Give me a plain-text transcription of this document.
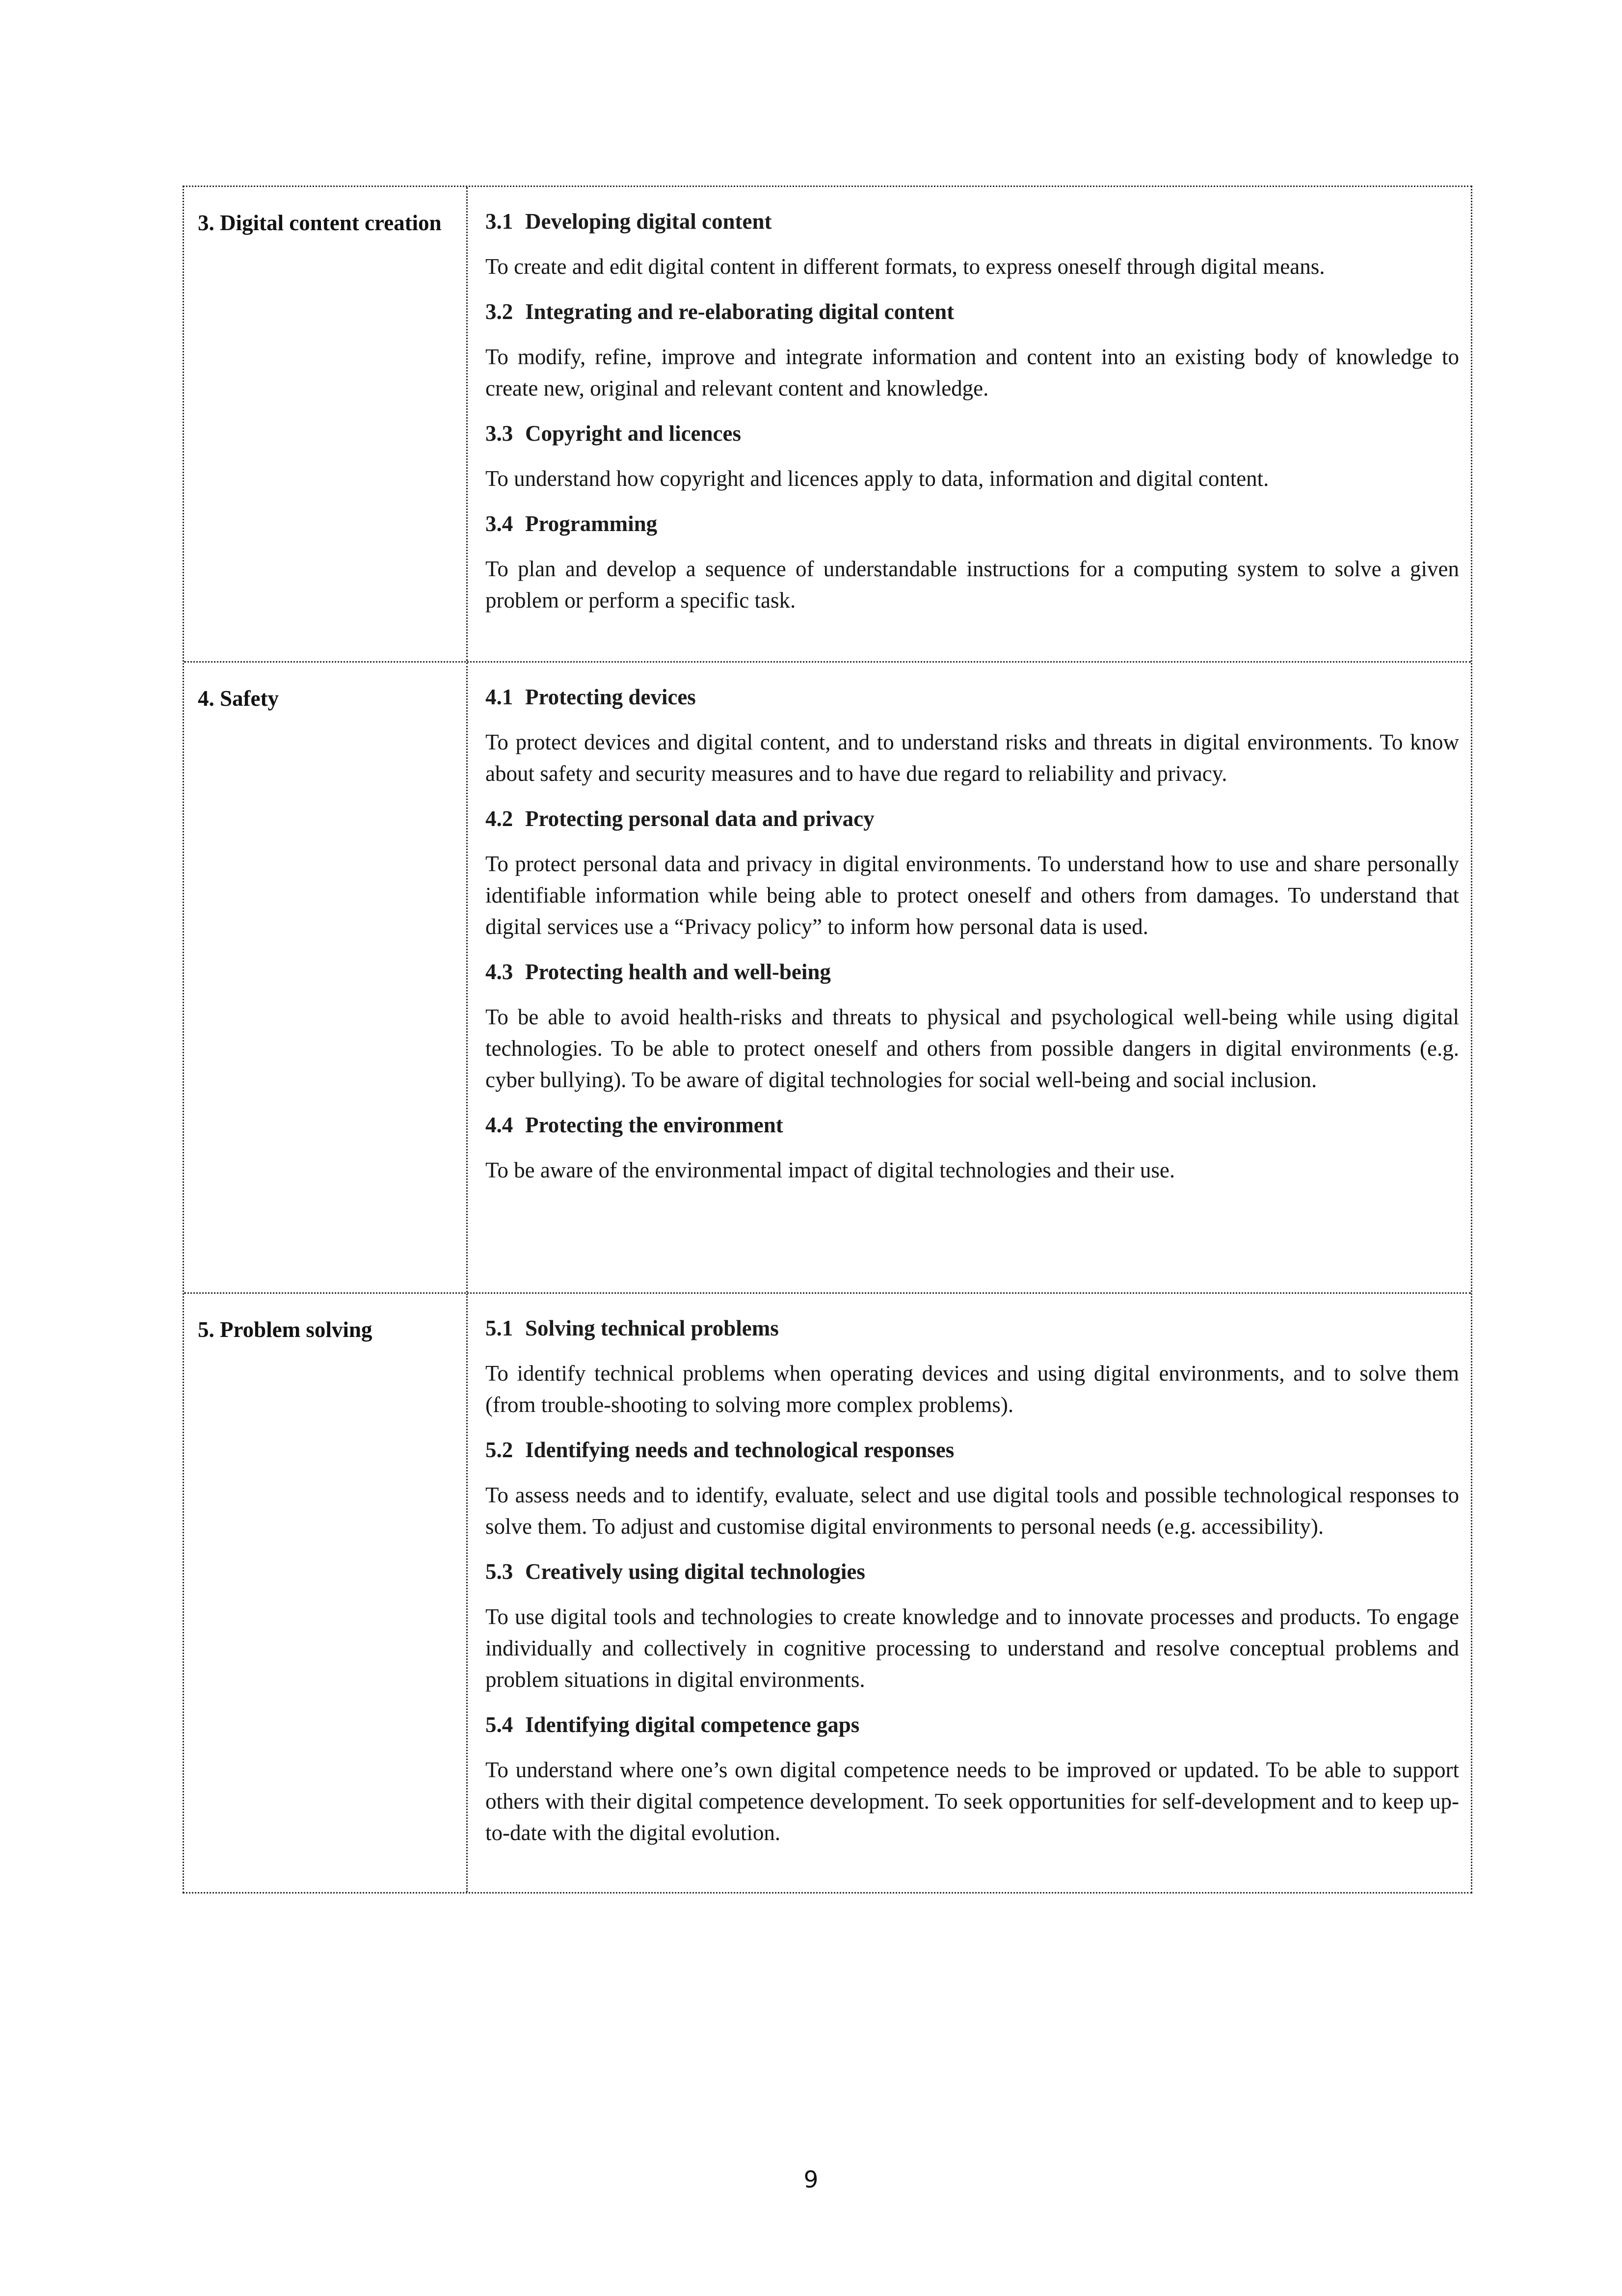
3. Digital content creation	3.1 Developing digital content

To create and edit digital content in different formats, to express oneself through digital means.

3.2 Integrating and re-elaborating digital content

To modify, refine, improve and integrate information and content into an existing body of knowledge to create new, original and relevant content and knowledge.

3.3 Copyright and licences

To understand how copyright and licences apply to data, information and digital content.

3.4 Programming

To plan and develop a sequence of understandable instructions for a computing system to solve a given problem or perform a specific task.

4. Safety	4.1 Protecting devices

To protect devices and digital content, and to understand risks and threats in digital environments. To know about safety and security measures and to have due regard to reliability and privacy.

4.2 Protecting personal data and privacy

To protect personal data and privacy in digital environments. To understand how to use and share personally identifiable information while being able to protect oneself and others from damages. To understand that digital services use a “Privacy policy” to inform how personal data is used.

4.3 Protecting health and well-being

To be able to avoid health-risks and threats to physical and psychological well-being while using digital technologies. To be able to protect oneself and others from possible dangers in digital environments (e.g. cyber bullying). To be aware of digital technologies for social well-being and social inclusion.

4.4 Protecting the environment

To be aware of the environmental impact of digital technologies and their use.

5. Problem solving	5.1 Solving technical problems

To identify technical problems when operating devices and using digital environments, and to solve them (from trouble-shooting to solving more complex problems).

5.2 Identifying needs and technological responses

To assess needs and to identify, evaluate, select and use digital tools and possible technological responses to solve them. To adjust and customise digital environments to personal needs (e.g. accessibility).

5.3 Creatively using digital technologies

To use digital tools and technologies to create knowledge and to innovate processes and products. To engage individually and collectively in cognitive processing to understand and resolve conceptual problems and problem situations in digital environments.

5.4 Identifying digital competence gaps

To understand where one’s own digital competence needs to be improved or updated. To be able to support others with their digital competence development. To seek opportunities for self-development and to keep up-to-date with the digital evolution.

9
